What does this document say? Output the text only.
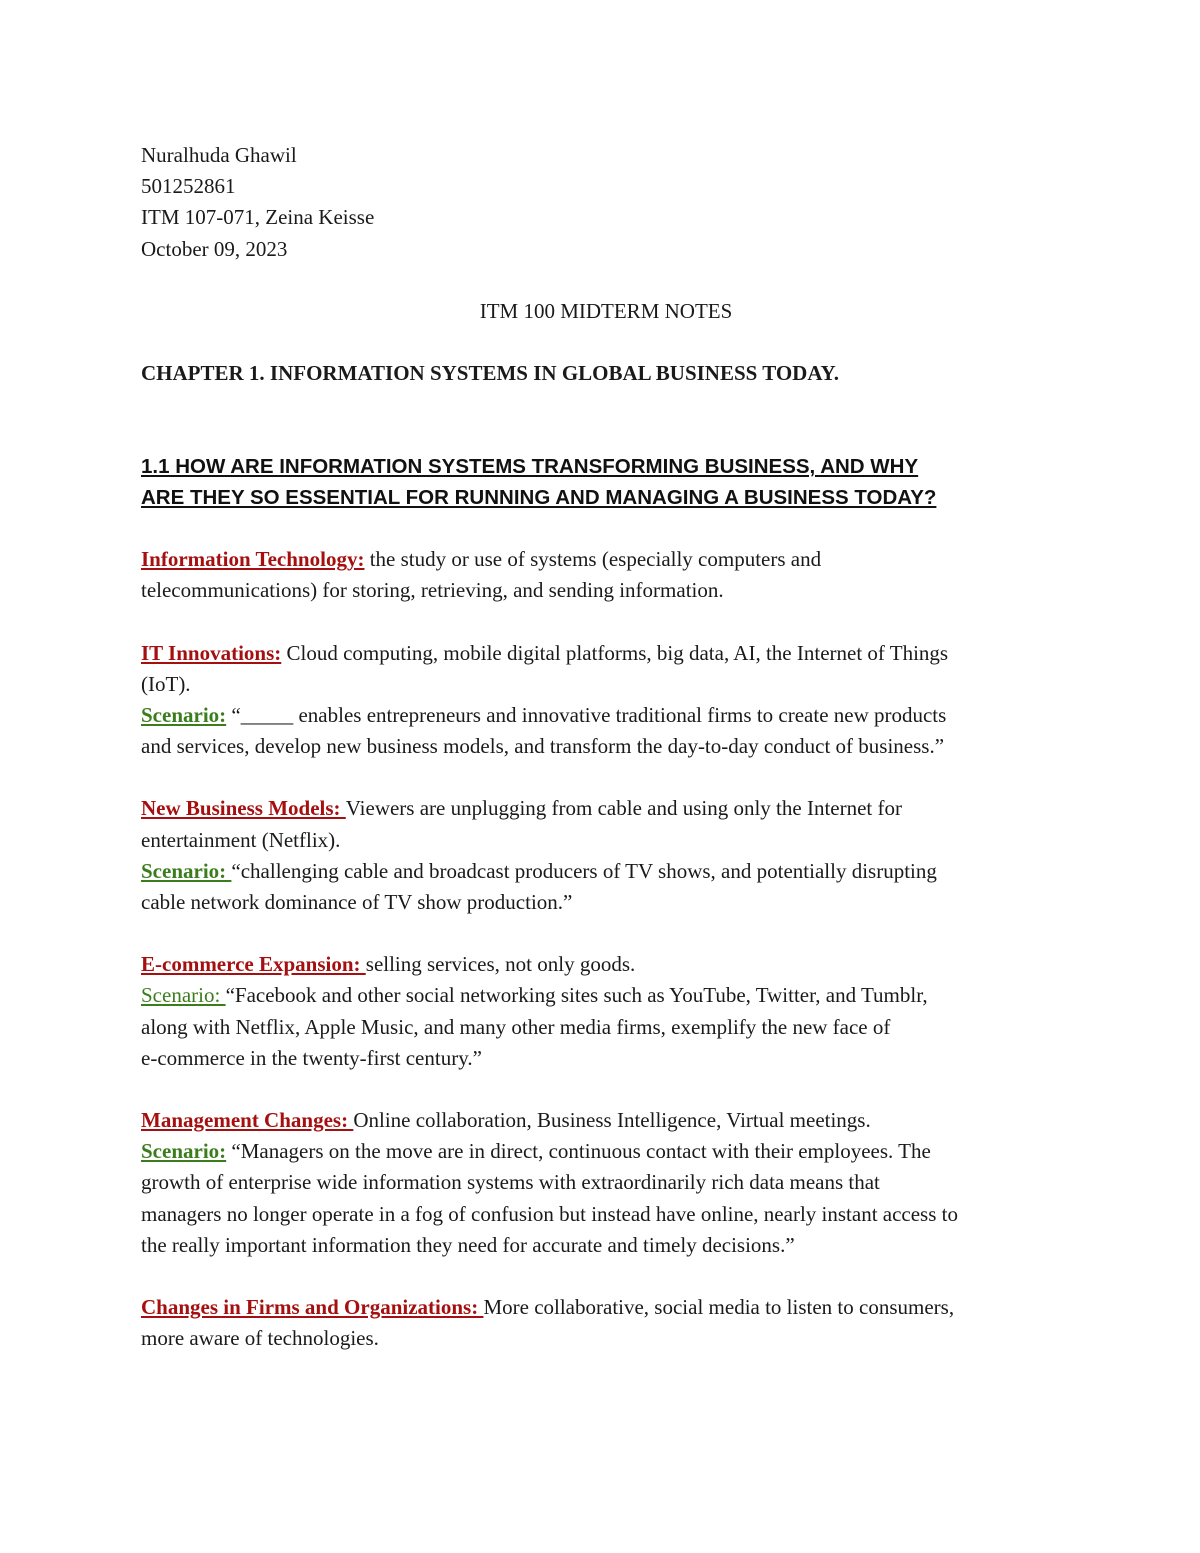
Nuralhuda Ghawil
501252861
ITM 107-071, Zeina Keisse
October 09, 2023
ITM 100 MIDTERM NOTES
CHAPTER 1. INFORMATION SYSTEMS IN GLOBAL BUSINESS TODAY.
1.1 HOW ARE INFORMATION SYSTEMS TRANSFORMING BUSINESS, AND WHY
ARE THEY SO ESSENTIAL FOR RUNNING AND MANAGING A BUSINESS TODAY?
Information Technology: the study or use of systems (especially computers and
telecommunications) for storing, retrieving, and sending information.
IT Innovations: Cloud computing, mobile digital platforms, big data, AI, the Internet of Things
(IoT).
Scenario: “_____ enables entrepreneurs and innovative traditional firms to create new products
and services, develop new business models, and transform the day-to-day conduct of business.”
New Business Models: Viewers are unplugging from cable and using only the Internet for
entertainment (Netflix).
Scenario: “challenging cable and broadcast producers of TV shows, and potentially disrupting
cable network dominance of TV show production.”
E-commerce Expansion: selling services, not only goods.
Scenario: “Facebook and other social networking sites such as YouTube, Twitter, and Tumblr,
along with Netflix, Apple Music, and many other media firms, exemplify the new face of
e-commerce in the twenty-first century.”
Management Changes: Online collaboration, Business Intelligence, Virtual meetings.
Scenario: “Managers on the move are in direct, continuous contact with their employees. The
growth of enterprise wide information systems with extraordinarily rich data means that
managers no longer operate in a fog of confusion but instead have online, nearly instant access to
the really important information they need for accurate and timely decisions.”
Changes in Firms and Organizations: More collaborative, social media to listen to consumers,
more aware of technologies.
